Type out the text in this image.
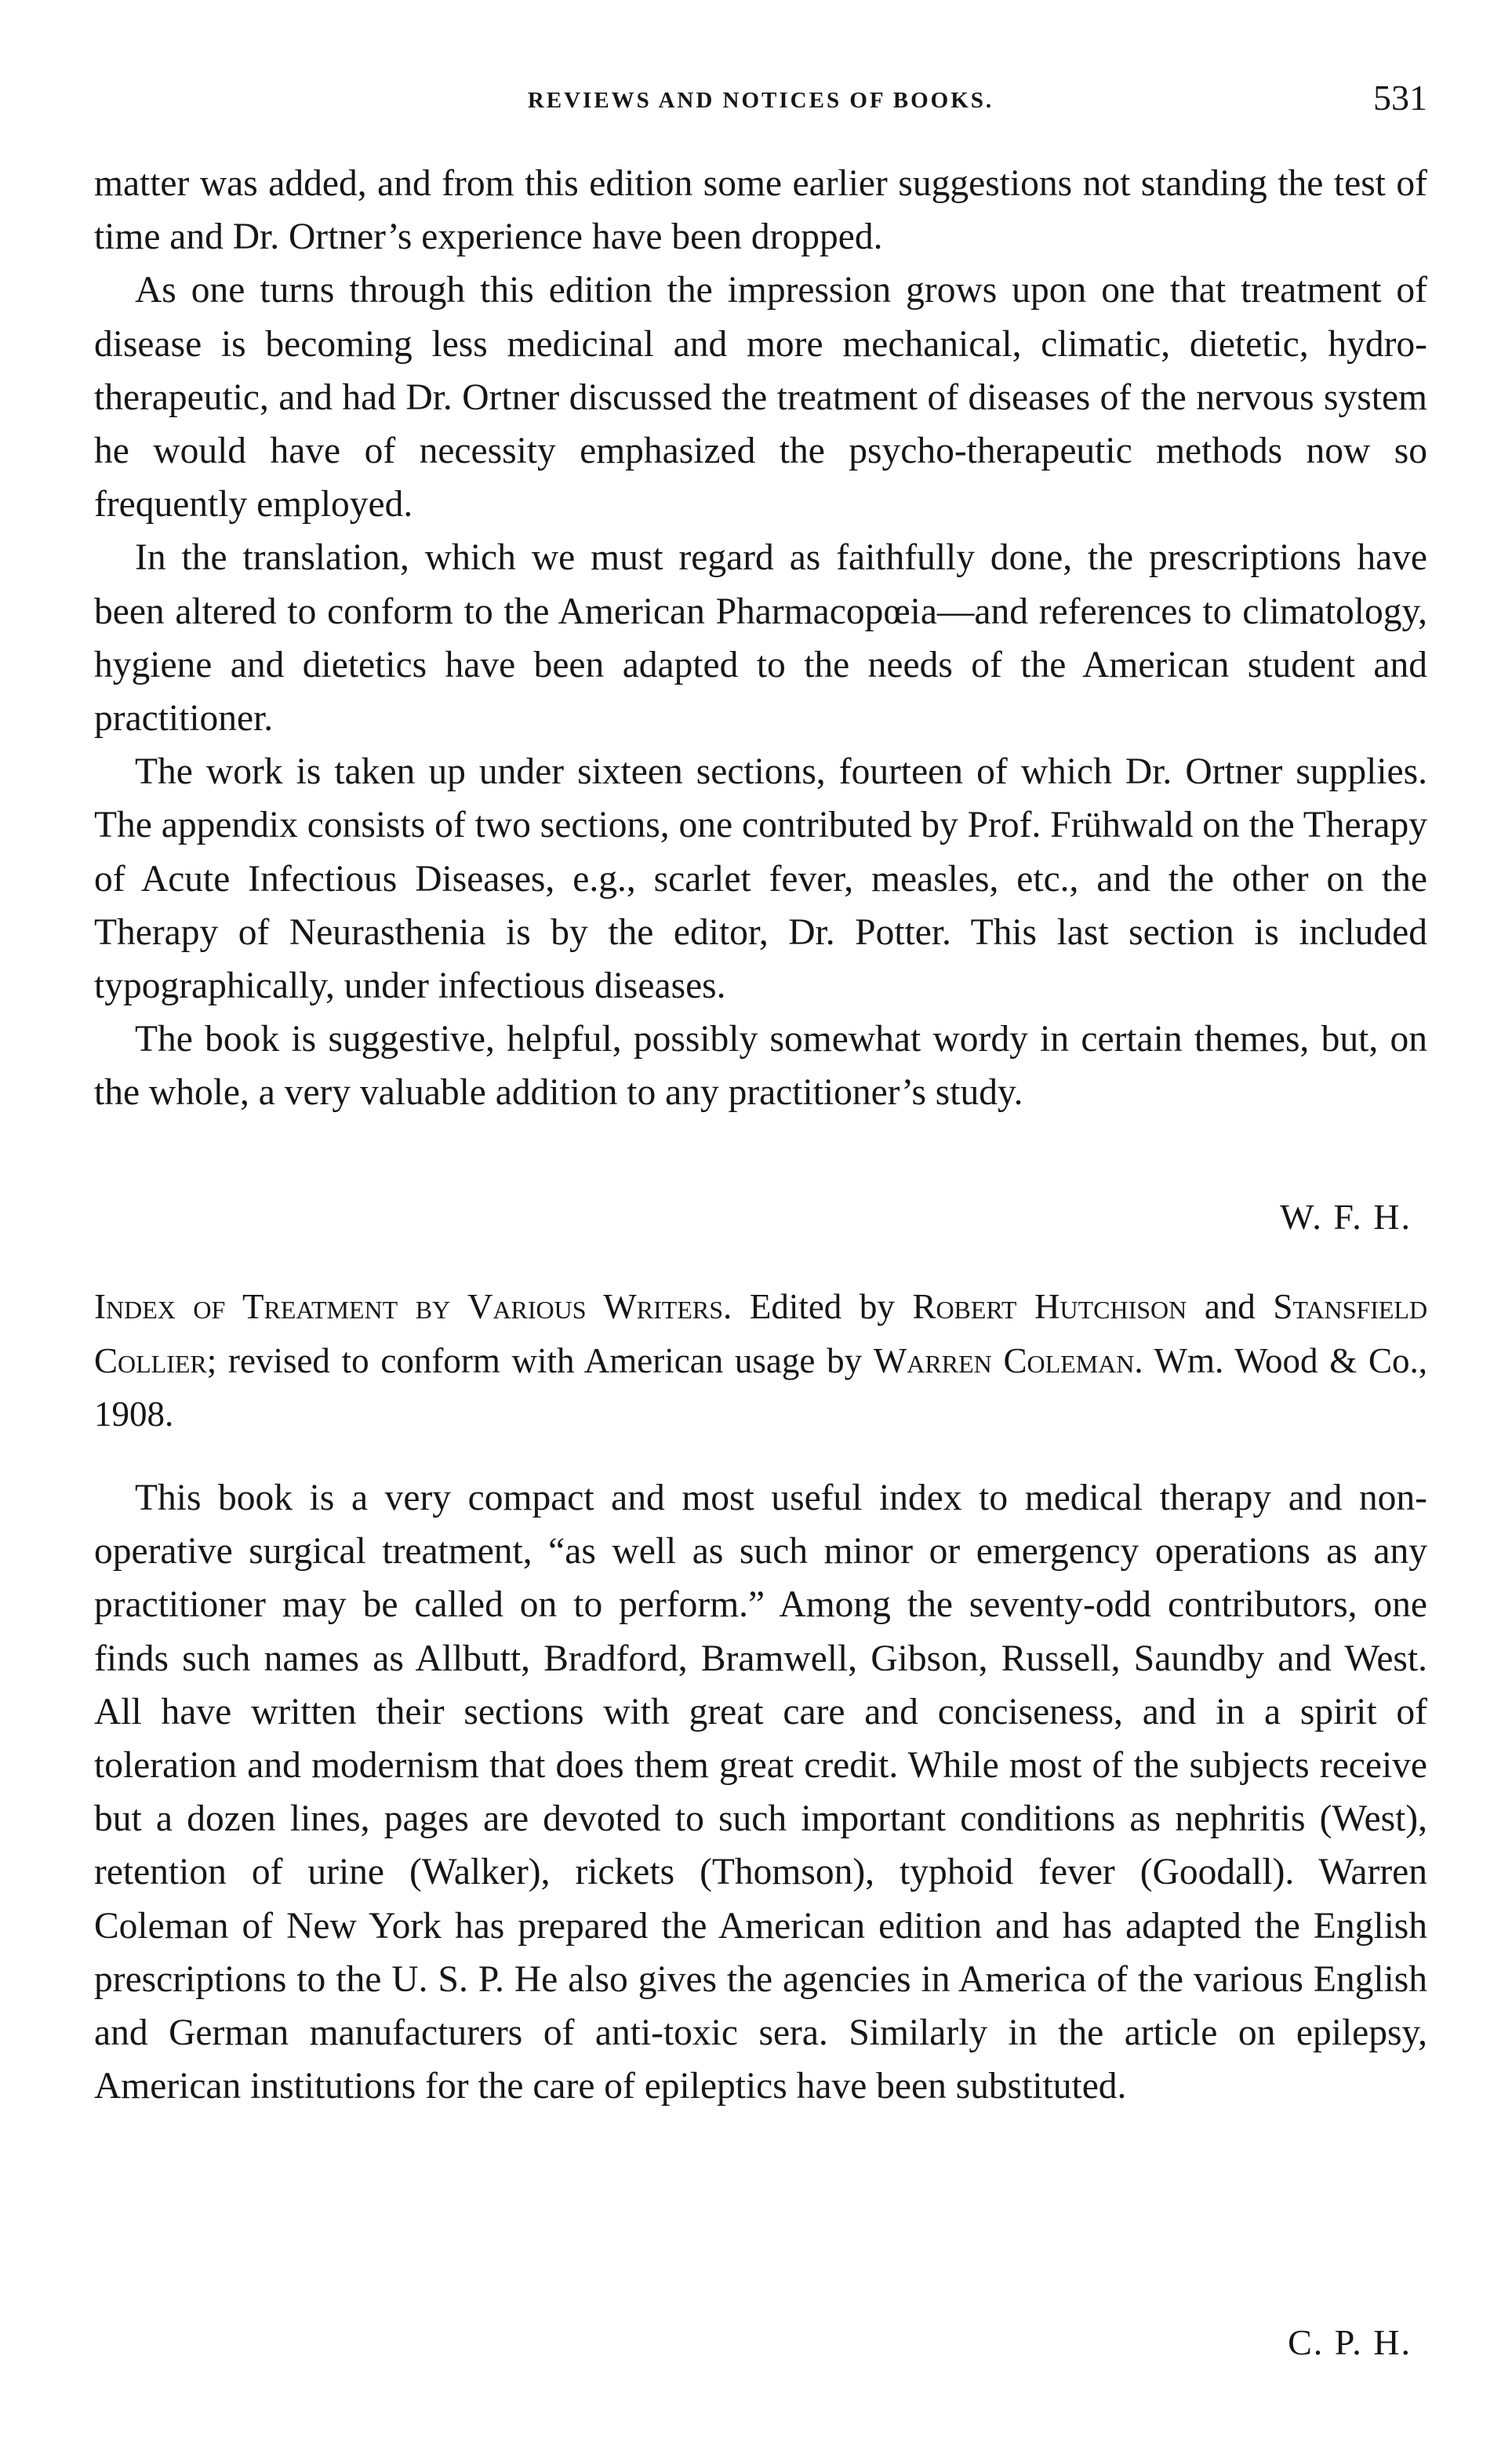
REVIEWS AND NOTICES OF BOOKS.	531

matter was added, and from this edition some earlier suggestions not standing the test of time and Dr. Ortner’s experience have been dropped.

As one turns through this edition the impression grows upon one that treatment of disease is becoming less medicinal and more mechanical, climatic, dietetic, hydro-therapeutic, and had Dr. Ortner discussed the treatment of diseases of the nervous system he would have of necessity emphasized the psycho-therapeutic methods now so frequently employed.

In the translation, which we must regard as faithfully done, the prescriptions have been altered to conform to the American Pharmacopœia—and references to climatology, hygiene and dietetics have been adapted to the needs of the American student and practitioner.

The work is taken up under sixteen sections, fourteen of which Dr. Ortner supplies. The appendix consists of two sections, one contributed by Prof. Frühwald on the Therapy of Acute Infectious Diseases, e.g., scarlet fever, measles, etc., and the other on the Therapy of Neurasthenia is by the editor, Dr. Potter. This last section is included typographically, under infectious diseases.

The book is suggestive, helpful, possibly somewhat wordy in certain themes, but, on the whole, a very valuable addition to any practitioner’s study.

W. F. H.
Index of Treatment by Various Writers. Edited by Robert Hutchison and Stansfield Collier; revised to conform with American usage by Warren Coleman. Wm. Wood & Co., 1908.

This book is a very compact and most useful index to medical therapy and non-operative surgical treatment, “as well as such minor or emergency operations as any practitioner may be called on to perform.” Among the seventy-odd contributors, one finds such names as Allbutt, Bradford, Bramwell, Gibson, Russell, Saundby and West. All have written their sections with great care and conciseness, and in a spirit of toleration and modernism that does them great credit. While most of the subjects receive but a dozen lines, pages are devoted to such important conditions as nephritis (West), retention of urine (Walker), rickets (Thomson), typhoid fever (Goodall). Warren Coleman of New York has prepared the American edition and has adapted the English prescriptions to the U. S. P. He also gives the agencies in America of the various English and German manufacturers of anti-toxic sera. Similarly in the article on epilepsy, American institutions for the care of epileptics have been substituted.

C. P. H.
